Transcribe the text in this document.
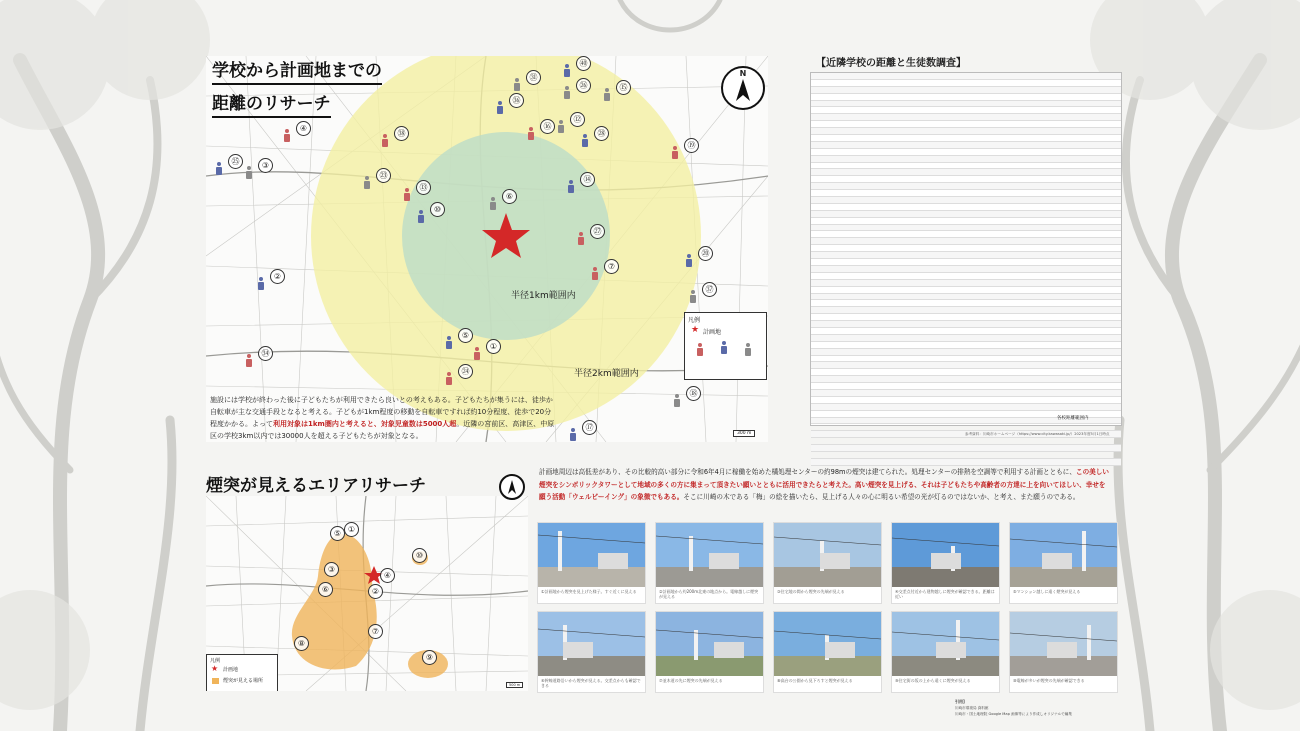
学校から計画地までの
距離のリサーチ
N
半径1km範囲内
半径2km範囲内
①
②
③
④
⑤
⑥
⑦
⑩
⑫
⑬
⑭
⑮
⑯
⑰
⑱
⑲
⑳
㉓
㉔
㉕
㉖
㉗
㉘
㉛
㉞
㊱
㊲
㊳
㊵
凡例
★ 計画地
300 m
施設には学校が終わった後に子どもたちが利用できたら良いとの考えもある。子どもたちが集うには、徒歩か自転車が主な交通手段となると考える。子どもが1km程度の移動を自転車ですれば約10分程度、徒歩で20分程度かかる。よって利用対象は1km圏内と考えると、対象児童数は5000人超。近隣の宮前区、高津区、中原区の学校3km以内では30000人を超える子どもたちが対象となる。
【近隣学校の距離と生徒数調査】

各校距離範囲内
参考資料：川崎市ホームページ（https://www.city.kawasaki.jp/）2023年度5月1日時点
煙突が見えるエリアリサーチ
①
②
③
④
⑤
⑥
⑦
⑧
⑨
⑩
凡例
★ 計画地
煙突が見える場所
500 m
計画地周辺は高低差があり、その比較的高い部分に令和6年4月に稼働を始めた橘処理センターの約98mの煙突は建てられた。処理センターの排熱を空調等で利用する計画とともに、この美しい煙突をシンボリックタワーとして地域の多くの方に集まって頂きたい願いとともに活用できたらと考えた。高い煙突を見上げる、それは子どもたちや高齢者の方達に上を向いてほしい、幸せを願う活動「ウェルビーイング」の象徴でもある。そこに川崎の木である「梅」の絵を描いたら、見上げる人々の心に明るい希望の光が灯るのではないか、と考え、また願うのである。
①計画地から煙突を見上げた様子。すぐ近くに見える	②計画地から約200m北東の地点から。電線越しに煙突が見える
③住宅地の間から煙突の先端が見える	④交差点付近から建物越しに煙突が確認できる。距離は近い
⑤マンション越しに遠く煙突が見える
⑥幹線道路沿いから煙突が見える。交差点からも確認できる
⑦並木道の先に煙突の先端が見える	⑧高台の公園から見下ろすと煙突が見える	⑨住宅街の坂の上から遠くに煙突が見える	⑩電線が多いが煙突の先端が確認できる
引用]
川崎市環境局 資料館
川崎市・国土地理院 Google Map 画像等により作成しオリジナルで編集
